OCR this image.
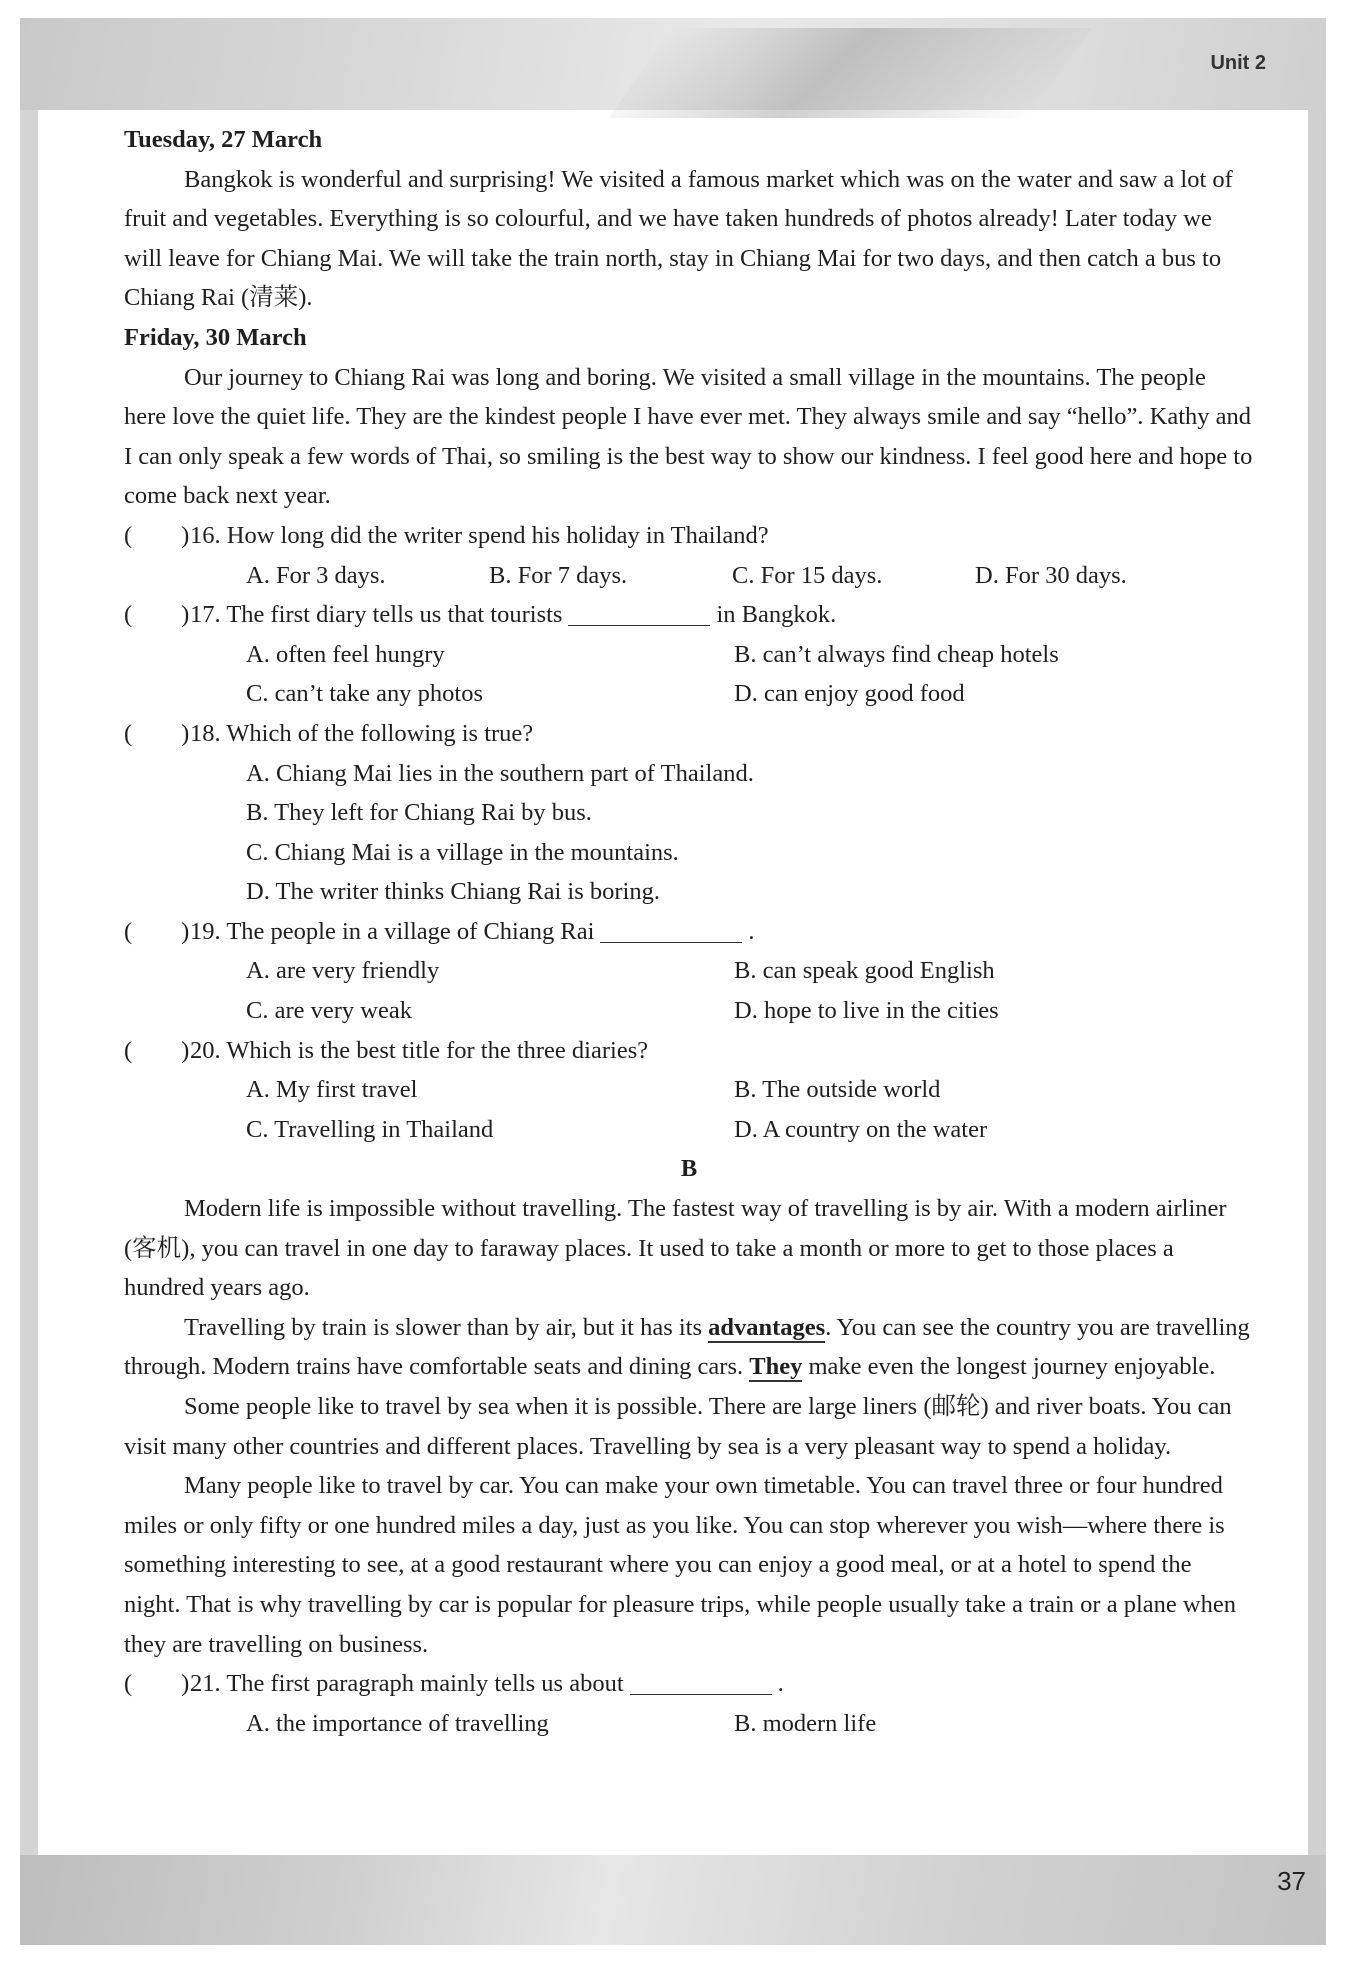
Unit 2
37

Tuesday, 27 March

Bangkok is wonderful and surprising! We visited a famous market which was on the water and saw a lot of fruit and vegetables. Everything is so colourful, and we have taken hundreds of photos already! Later today we will leave for Chiang Mai. We will take the train north, stay in Chiang Mai for two days, and then catch a bus to Chiang Rai (清莱).

Friday, 30 March

Our journey to Chiang Rai was long and boring. We visited a small village in the mountains. The people here love the quiet life. They are the kindest people I have ever met. They always smile and say “hello”. Kathy and I can only speak a few words of Thai, so smiling is the best way to show our kindness. I feel good here and hope to come back next year.

(        ) 16. How long did the writer spend his holiday in Thailand?
A. For 3 days.	B. For 7 days.	C. For 15 days.	D. For 30 days.
(        ) 17. The first diary tells us that tourists	in Bangkok.
A. often feel hungry	B. can’t always find cheap hotels
C. can’t take any photos	D. can enjoy good food
(        ) 18. Which of the following is true?
A. Chiang Mai lies in the southern part of Thailand.
B. They left for Chiang Rai by bus.
C. Chiang Mai is a village in the mountains.
D. The writer thinks Chiang Rai is boring.
(        ) 19. The people in a village of Chiang Rai	.
A. are very friendly	B. can speak good English
C. are very weak	D. hope to live in the cities
(        ) 20. Which is the best title for the three diaries?
A. My first travel	B. The outside world
C. Travelling in Thailand	D. A country on the water

B

Modern life is impossible without travelling. The fastest way of travelling is by air. With a modern airliner (客机), you can travel in one day to faraway places. It used to take a month or more to get to those places a hundred years ago.

Travelling by train is slower than by air, but it has its advantages. You can see the country you are travelling through. Modern trains have comfortable seats and dining cars. They make even the longest journey enjoyable.

Some people like to travel by sea when it is possible. There are large liners (邮轮) and river boats. You can visit many other countries and different places. Travelling by sea is a very pleasant way to spend a holiday.

Many people like to travel by car. You can make your own timetable. You can travel three or four hundred miles or only fifty or one hundred miles a day, just as you like. You can stop wherever you wish—where there is something interesting to see, at a good restaurant where you can enjoy a good meal, or at a hotel to spend the night. That is why travelling by car is popular for pleasure trips, while people usually take a train or a plane when they are travelling on business.

(        ) 21. The first paragraph mainly tells us about	.
A. the importance of travelling	B. modern life
